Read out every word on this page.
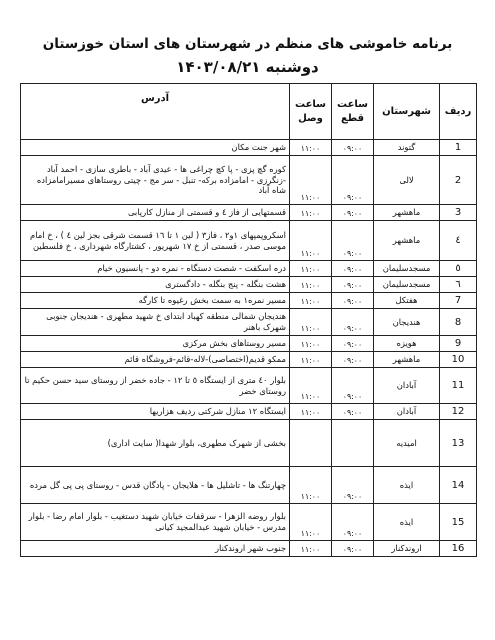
برنامه خاموشی های منظم در شهرستان های استان خوزستان
دوشنبه ۱۴۰۳/۰۸/۲۱
ردیف	شهرستان	ساعت قطع	ساعت وصل	آدرس
1	گتوند	۰۹:۰۰	۱۱:۰۰	شهر جنت مکان
2	لالی	۰۹:۰۰	۱۱:۰۰	کوره گچ پزی - پا کچ چراغی ها - عیدی آباد - باطری سازی - احمد آباد -زنگرزی - امامزاده برکه- تنبل - سر مج - چیتی روستاهای مسیرامامزاده شاه آباد
3	ماهشهر	۰۹:۰۰	۱۱:۰۰	قسمتهایی از فاز ٤ و قسمتی از منازل کارپابی
٤	ماهشهر	۰۹:۰۰	۱۱:۰۰	اسکروپمپهای ۱و۲ ، فاز۳ ( لین ۱ تا ۱٦ قسمت شرقی بجز لین ٤ ) ، خ امام موسی صدر ، قسمتی از خ ۱۷ شهریور ، کشتارگاه شهرداری ، خ فلسطین
٥	مسجدسلیمان	۰۹:۰۰	۱۱:۰۰	دره اسکفت - شصت دستگاه - نمره دو - پانسیون خیام
٦	مسجدسلیمان	۰۹:۰۰	۱۱:۰۰	هشت بنگله - پنج بنگله - دادگستری
7	هفتکل	۰۹:۰۰	۱۱:۰۰	مسیر نمره۱ به سمت بخش رغیوه تا کارگه
8	هندیجان	۰۹:۰۰	۱۱:۰۰	هندیجان شمالی منطقه کهباد ابتدای خ شهید مطهری - هندیجان جنوبی شهرک باهنر
9	هویزه	۰۹:۰۰	۱۱:۰۰	مسیر روستاهای بخش مرکزی
10	ماهشهر	۰۹:۰۰	۱۱:۰۰	ممکو قدیم(اختصاصی)-لاله-قائم-فروشگاه قائم
11	آبادان	۰۹:۰۰	۱۱:۰۰	بلوار ٤۰ متری از ایستگاه ٥ تا ۱۲ - جاده خضر از روستای سید حسن حکیم تا روستای خضر
12	آبادان	۰۹:۰۰	۱۱:۰۰	ایستگاه ۱۲ منازل شرکتی ردیف هزاریها
13	امیدیه			بخشی از شهرک مطهری، بلوار شهدا( سایت اداری)
14	ایذه	۰۹:۰۰	۱۱:۰۰	چهارتنگ ها - تاشلیل ها - هلایجان - پادگان قدس - روستای پی پی گل مرده
15	ایذه	۰۹:۰۰	۱۱:۰۰	بلوار روضه الزهرا - سرقفات خیابان شهید دستغیب - بلوار امام رضا - بلوار مدرس - خیابان شهید عبدالمجید کیانی
16	اروندکنار	۰۹:۰۰	۱۱:۰۰	جنوب شهر اروندکنار
